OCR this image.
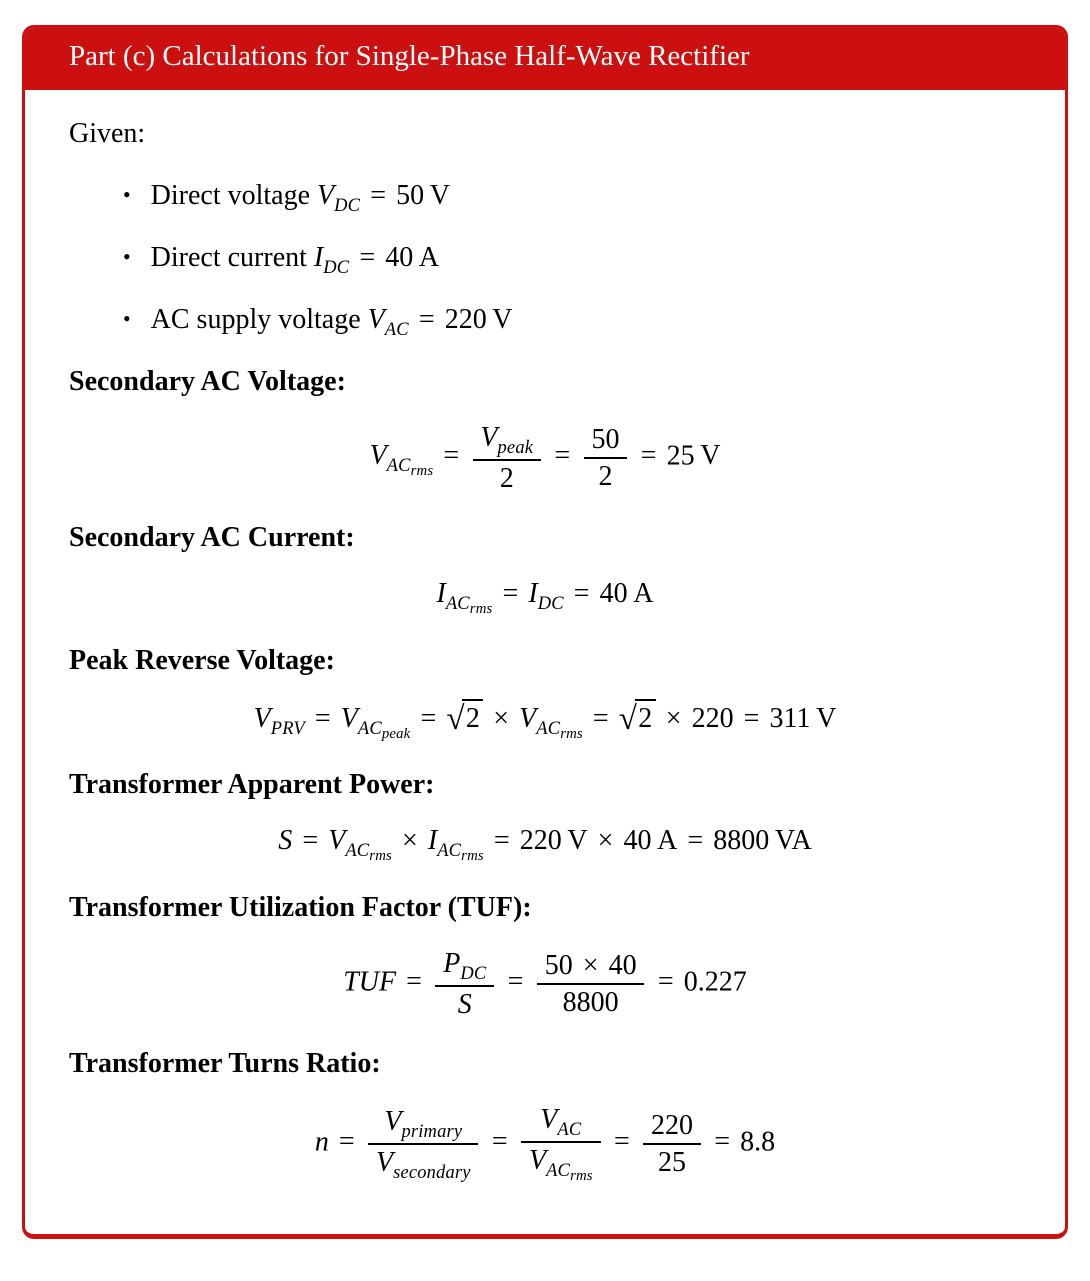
Part (c) Calculations for Single-Phase Half-Wave Rectifier

Given:

• Direct voltage $V_{DC} = 50$ V
• Direct current $I_{DC} = 40$ A
• AC supply voltage $V_{AC} = 220$ V
Secondary AC Voltage:
$V_{AC_{rms}}= \frac{V_{peak}}{2} = \frac{50}{2} = 25$ V
Secondary AC Current:
$I_{AC_{rms}}= I_{DC} = 40$ A
Peak Reverse Voltage:
$V_{PRV} = V_{AC_{peak}}= √2 \times V_{AC_{rms}}= √2 \times 220 = 311$ V
Transformer Apparent Power:
$S = V_{AC_{rms}}\times I_{AC_{rms}}= 220$ V × 40 A = 8800 VA
Transformer Utilization Factor (TUF):
TUF = $\frac{P_{DC}}{S} = \frac{50 \times 40}{8800} = 0.227$
Transformer Turns Ratio:
$n = \frac{V_{primary}}{V_{secondary}} = \frac{V_{AC}}{V_{AC_{rms}}} = \frac{220}{25} = 8.8$
